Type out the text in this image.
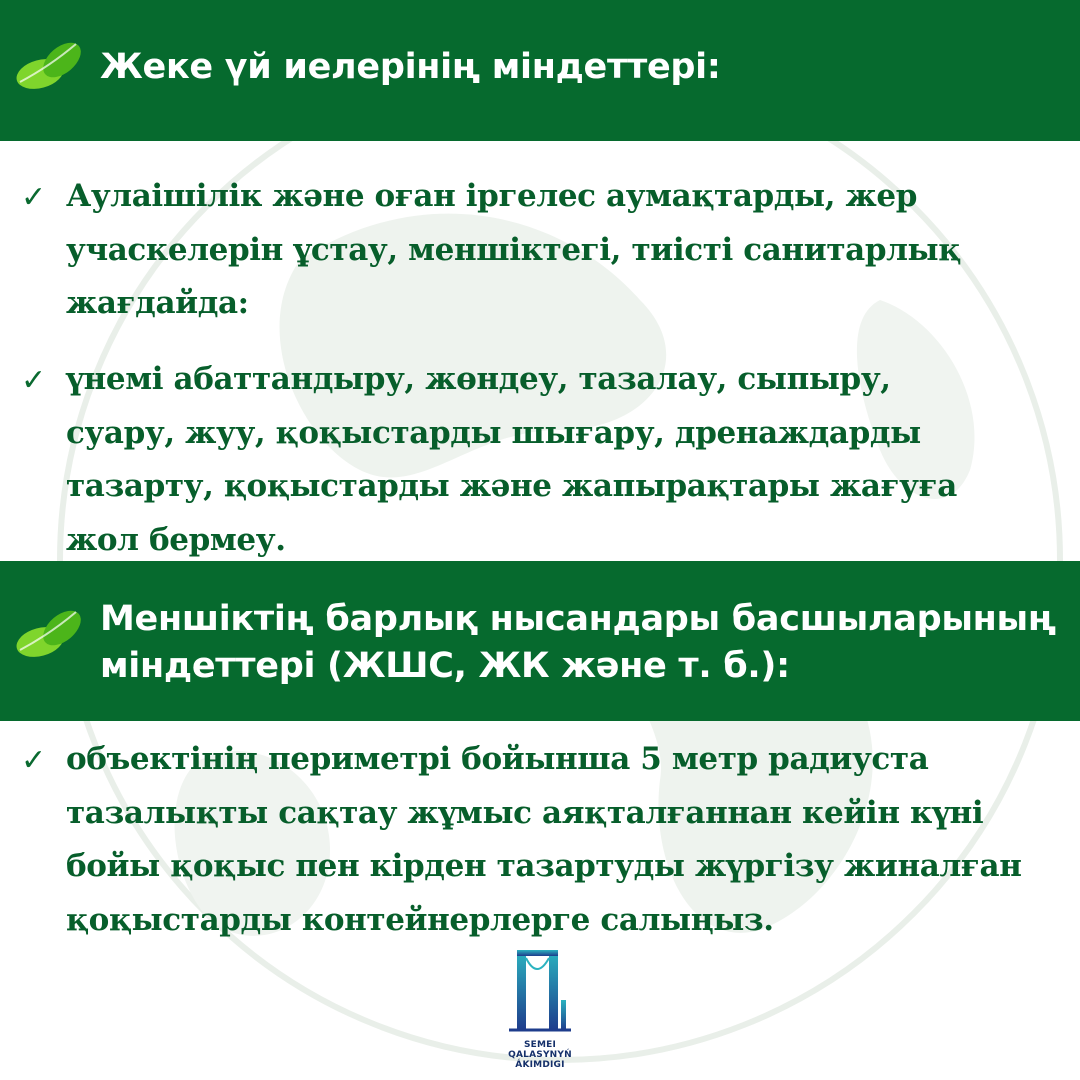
Жеке үй иелерінің міндеттері:
✓ Аулаішілік және оған іргелес аумақтарды, жер
учаскелерін ұстау, меншіктегі, тиісті санитарлық
жағдайда:
✓ үнемі абаттандыру, жөндеу, тазалау, сыпыру,
суару, жуу, қоқыстарды шығару, дренаждарды
тазарту, қоқыстарды және жапырақтары жағуға
жол бермеу.
Меншіктің барлық нысандары басшыларының
міндеттері (ЖШС, ЖК және т. б.):
✓ объектінің периметрі бойынша 5 метр радиуста
тазалықты сақтау жұмыс аяқталғаннан кейін күні
бойы қоқыс пен кірден тазартуды жүргізу жиналған
қоқыстарды контейнерлерге салыңыз.
SEMEI
QALASYNYŃ
ÁKIMDIGI
